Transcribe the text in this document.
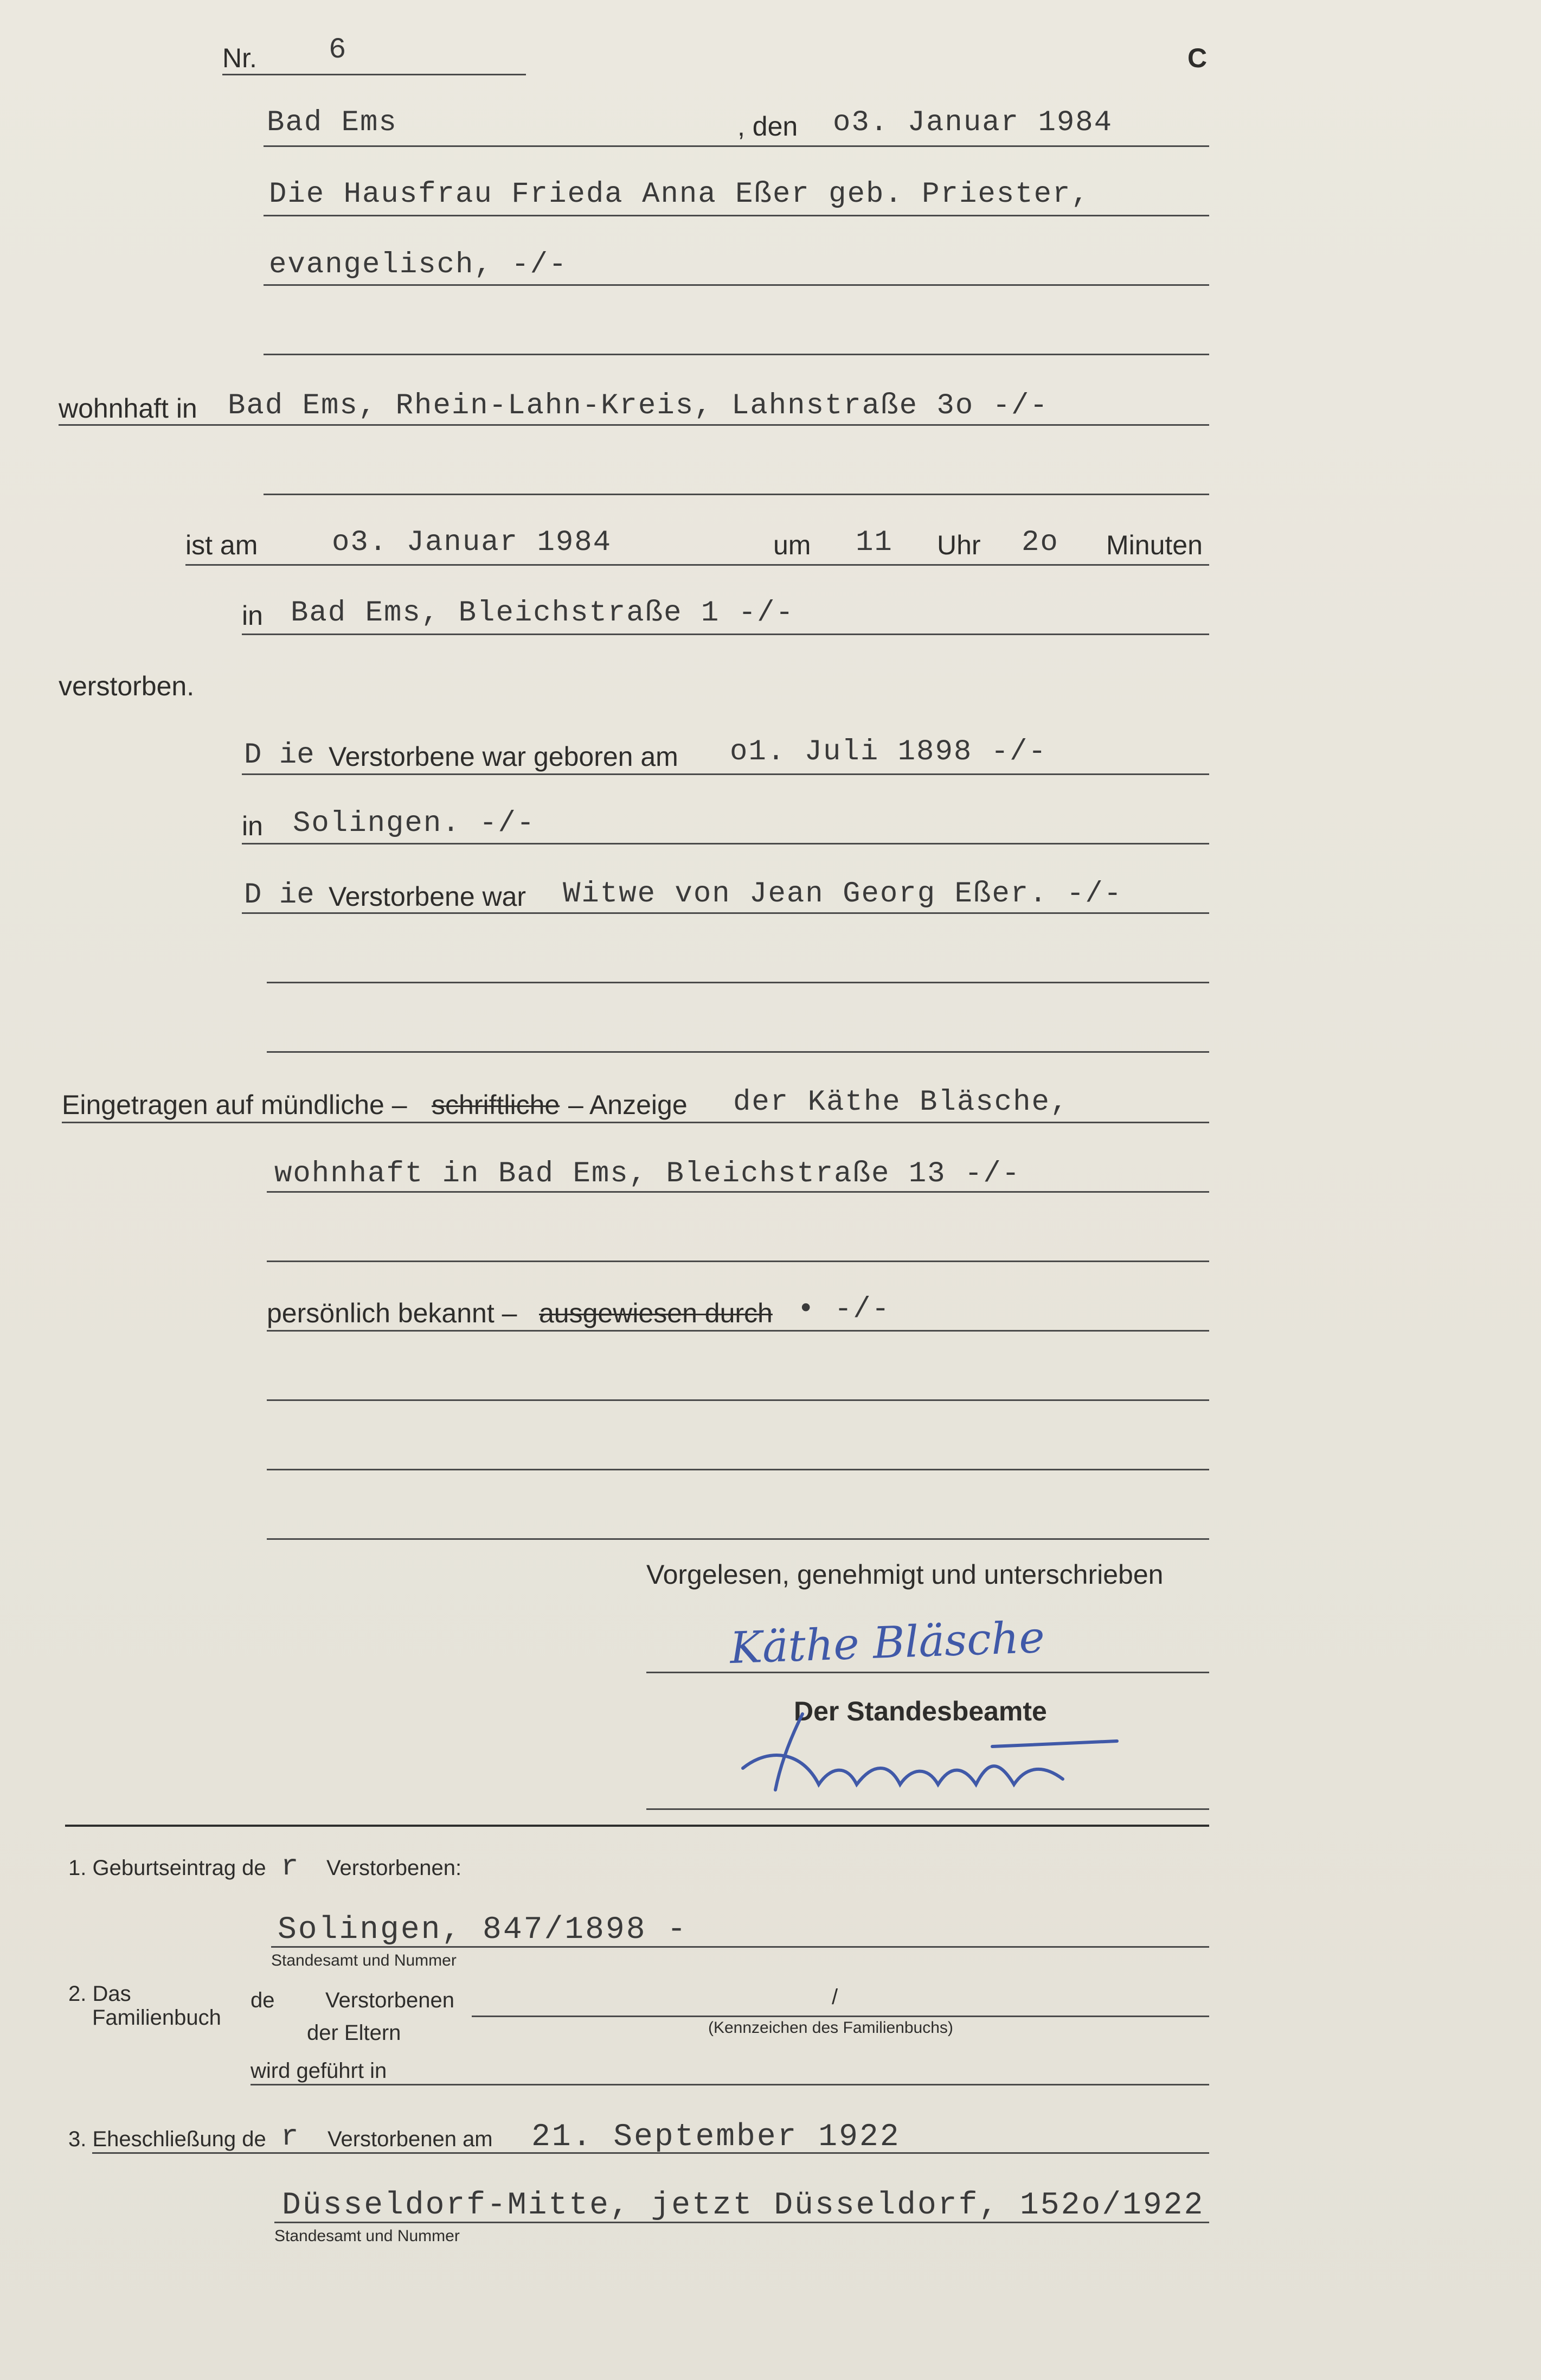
Nr. 6	C
Bad Ems	, den o3. Januar 1984
Die Hausfrau Frieda Anna Eßer geb. Priester,
evangelisch, -/-
wohnhaft in Bad Ems, Rhein-Lahn-Kreis, Lahnstraße 3o -/-
ist am	o3. Januar 1984	um 11 Uhr 2o Minuten
in Bad Ems, Bleichstraße 1 -/-
verstorben.
D ie Verstorbene war geboren am o1. Juli 1898 -/-
in Solingen. -/-
D ie Verstorbene war Witwe von Jean Georg Eßer. -/-
Eingetragen auf mündliche – schriftliche – Anzeige der Käthe Bläsche,
wohnhaft in Bad Ems, Bleichstraße 13 -/-
persönlich bekannt – ausgewiesen durch • -/-
Vorgelesen, genehmigt und unterschrieben
Käthe Bläsche
Der Standesbeamte
1. Geburtseintrag de r Verstorbenen:
Solingen, 847/1898 -
Standesamt und Nummer
2. Das
Familienbuch
de Verstorbenen	/
der Eltern	(Kennzeichen des Familienbuchs)
wird geführt in
3. Eheschließung de r Verstorbenen am 21. September 1922
Düsseldorf-Mitte, jetzt Düsseldorf, 152o/1922
Standesamt und Nummer
